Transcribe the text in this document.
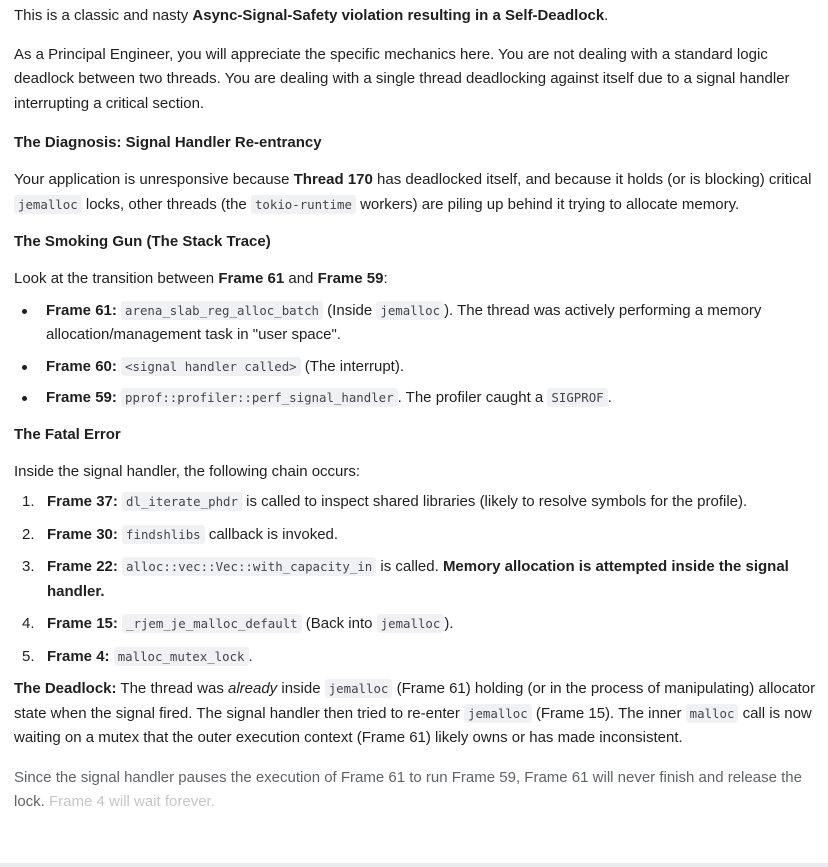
This is a classic and nasty Async-Signal-Safety violation resulting in a Self-Deadlock.

As a Principal Engineer, you will appreciate the specific mechanics here. You are not dealing with a standard logic deadlock between two threads. You are dealing with a single thread deadlocking against itself due to a signal handler interrupting a critical section.

The Diagnosis: Signal Handler Re-entrancy

Your application is unresponsive because Thread 170 has deadlocked itself, and because it holds (or is blocking) critical jemalloc locks, other threads (the tokio-runtime workers) are piling up behind it trying to allocate memory.

The Smoking Gun (The Stack Trace)

Look at the transition between Frame 61 and Frame 59:

Frame 61: arena_slab_reg_alloc_batch (Inside jemalloc ). The thread was actively performing a memory allocation/management task in "user space".
Frame 60: <signal handler called> (The interrupt).
Frame 59: pprof::profiler::perf_signal_handler . The profiler caught a SIGPROF .
The Fatal Error

Inside the signal handler, the following chain occurs:

1. Frame 37: dl_iterate_phdr is called to inspect shared libraries (likely to resolve symbols for the profile).
2. Frame 30: findshlibs callback is invoked.
3. Frame 22: alloc::vec::Vec::with_capacity_in is called. Memory allocation is attempted inside the signal handler.
4. Frame 15: _rjem_je_malloc_default (Back into jemalloc ).
5. Frame 4: malloc_mutex_lock .

The Deadlock: The thread was already inside jemalloc (Frame 61) holding (or in the process of manipulating) allocator state when the signal fired. The signal handler then tried to re-enter jemalloc (Frame 15). The inner malloc call is now waiting on a mutex that the outer execution context (Frame 61) likely owns or has made inconsistent.

Since the signal handler pauses the execution of Frame 61 to run Frame 59, Frame 61 will never finish and release the lock. Frame 4 will wait forever.
